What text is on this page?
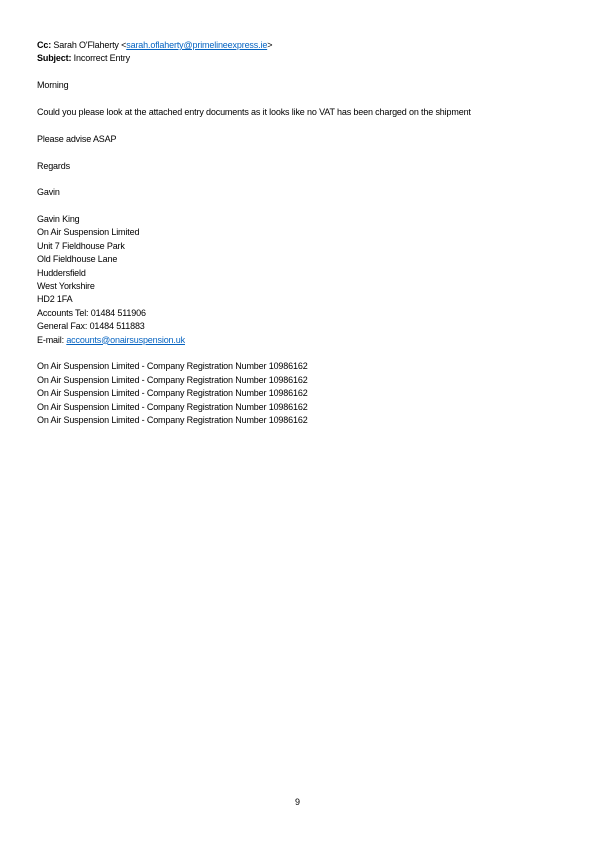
Cc: Sarah O'Flaherty <sarah.oflaherty@primelineexpress.ie>
Subject: Incorrect Entry
Morning
Could you please look at the attached entry documents as it looks like no VAT has been charged on the shipment
Please advise ASAP
Regards
Gavin
Gavin King
On Air Suspension Limited
Unit 7 Fieldhouse Park
Old Fieldhouse Lane
Huddersfield
West Yorkshire
HD2 1FA
Accounts Tel: 01484 511906
General Fax: 01484 511883
E-mail: accounts@onairsuspension.uk
On Air Suspension Limited - Company Registration Number 10986162
On Air Suspension Limited - Company Registration Number 10986162
On Air Suspension Limited - Company Registration Number 10986162
On Air Suspension Limited - Company Registration Number 10986162
On Air Suspension Limited - Company Registration Number 10986162
9
